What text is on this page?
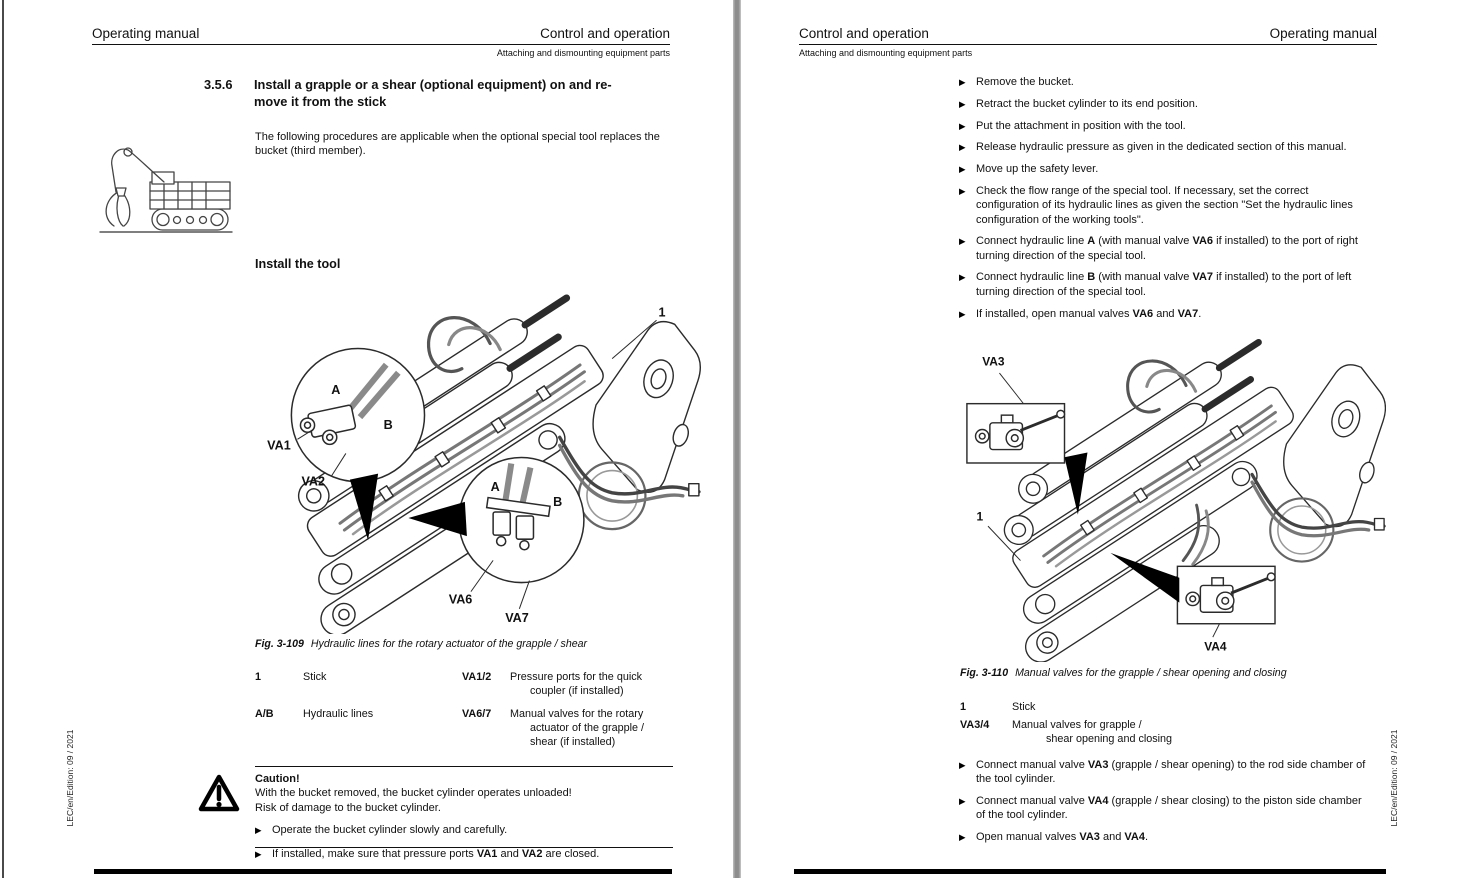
Operating manual	Control and operation
Attaching and dismounting equipment parts
3.5.6	Install a grapple or a shear (optional equipment) on and re-
move it from the stick
The following procedures are applicable when the optional special tool replaces the bucket (third member).
Install the tool
A
B
VA1
VA2	A
B
VA6
VA7
1
Fig. 3-109 Hydraulic lines for the rotary actuator of the grapple / shear
1	Stick	VA1/2	Pressure ports for the quick
coupler (if installed)
A/B	Hydraulic lines	VA6/7	Manual valves for the rotary
actuator of the grapple /
shear (if installed)
Caution!
With the bucket removed, the bucket cylinder operates unloaded!
Risk of damage to the bucket cylinder.
▶ Operate the bucket cylinder slowly and carefully.
▶ If installed, make sure that pressure ports VA1 and VA2 are closed.
LEC/en/Edition: 09 / 2021
Control and operation	Operating manual
Attaching and dismounting equipment parts
▶ Remove the bucket.
▶ Retract the bucket cylinder to its end position.
▶ Put the attachment in position with the tool.
▶ Release hydraulic pressure as given in the dedicated section of this manual.
▶ Move up the safety lever.
▶ Check the flow range of the special tool. If necessary, set the correct configuration of its hydraulic lines as given the section "Set the hydraulic lines configuration of the working tools".
▶ Connect hydraulic line A (with manual valve VA6 if installed) to the port of right turning direction of the special tool.
▶ Connect hydraulic line B (with manual valve VA7 if installed) to the port of left turning direction of the special tool.
▶ If installed, open manual valves VA6 and VA7.
VA3
1
VA4
Fig. 3-110 Manual valves for the grapple / shear opening and closing
1	Stick
VA3/4	Manual valves for grapple /
shear opening and closing
▶ Connect manual valve VA3 (grapple / shear opening) to the rod side chamber of the tool cylinder.
▶ Connect manual valve VA4 (grapple / shear closing) to the piston side chamber of the tool cylinder.
▶ Open manual valves VA3 and VA4.
LEC/en/Edition: 09 / 2021
